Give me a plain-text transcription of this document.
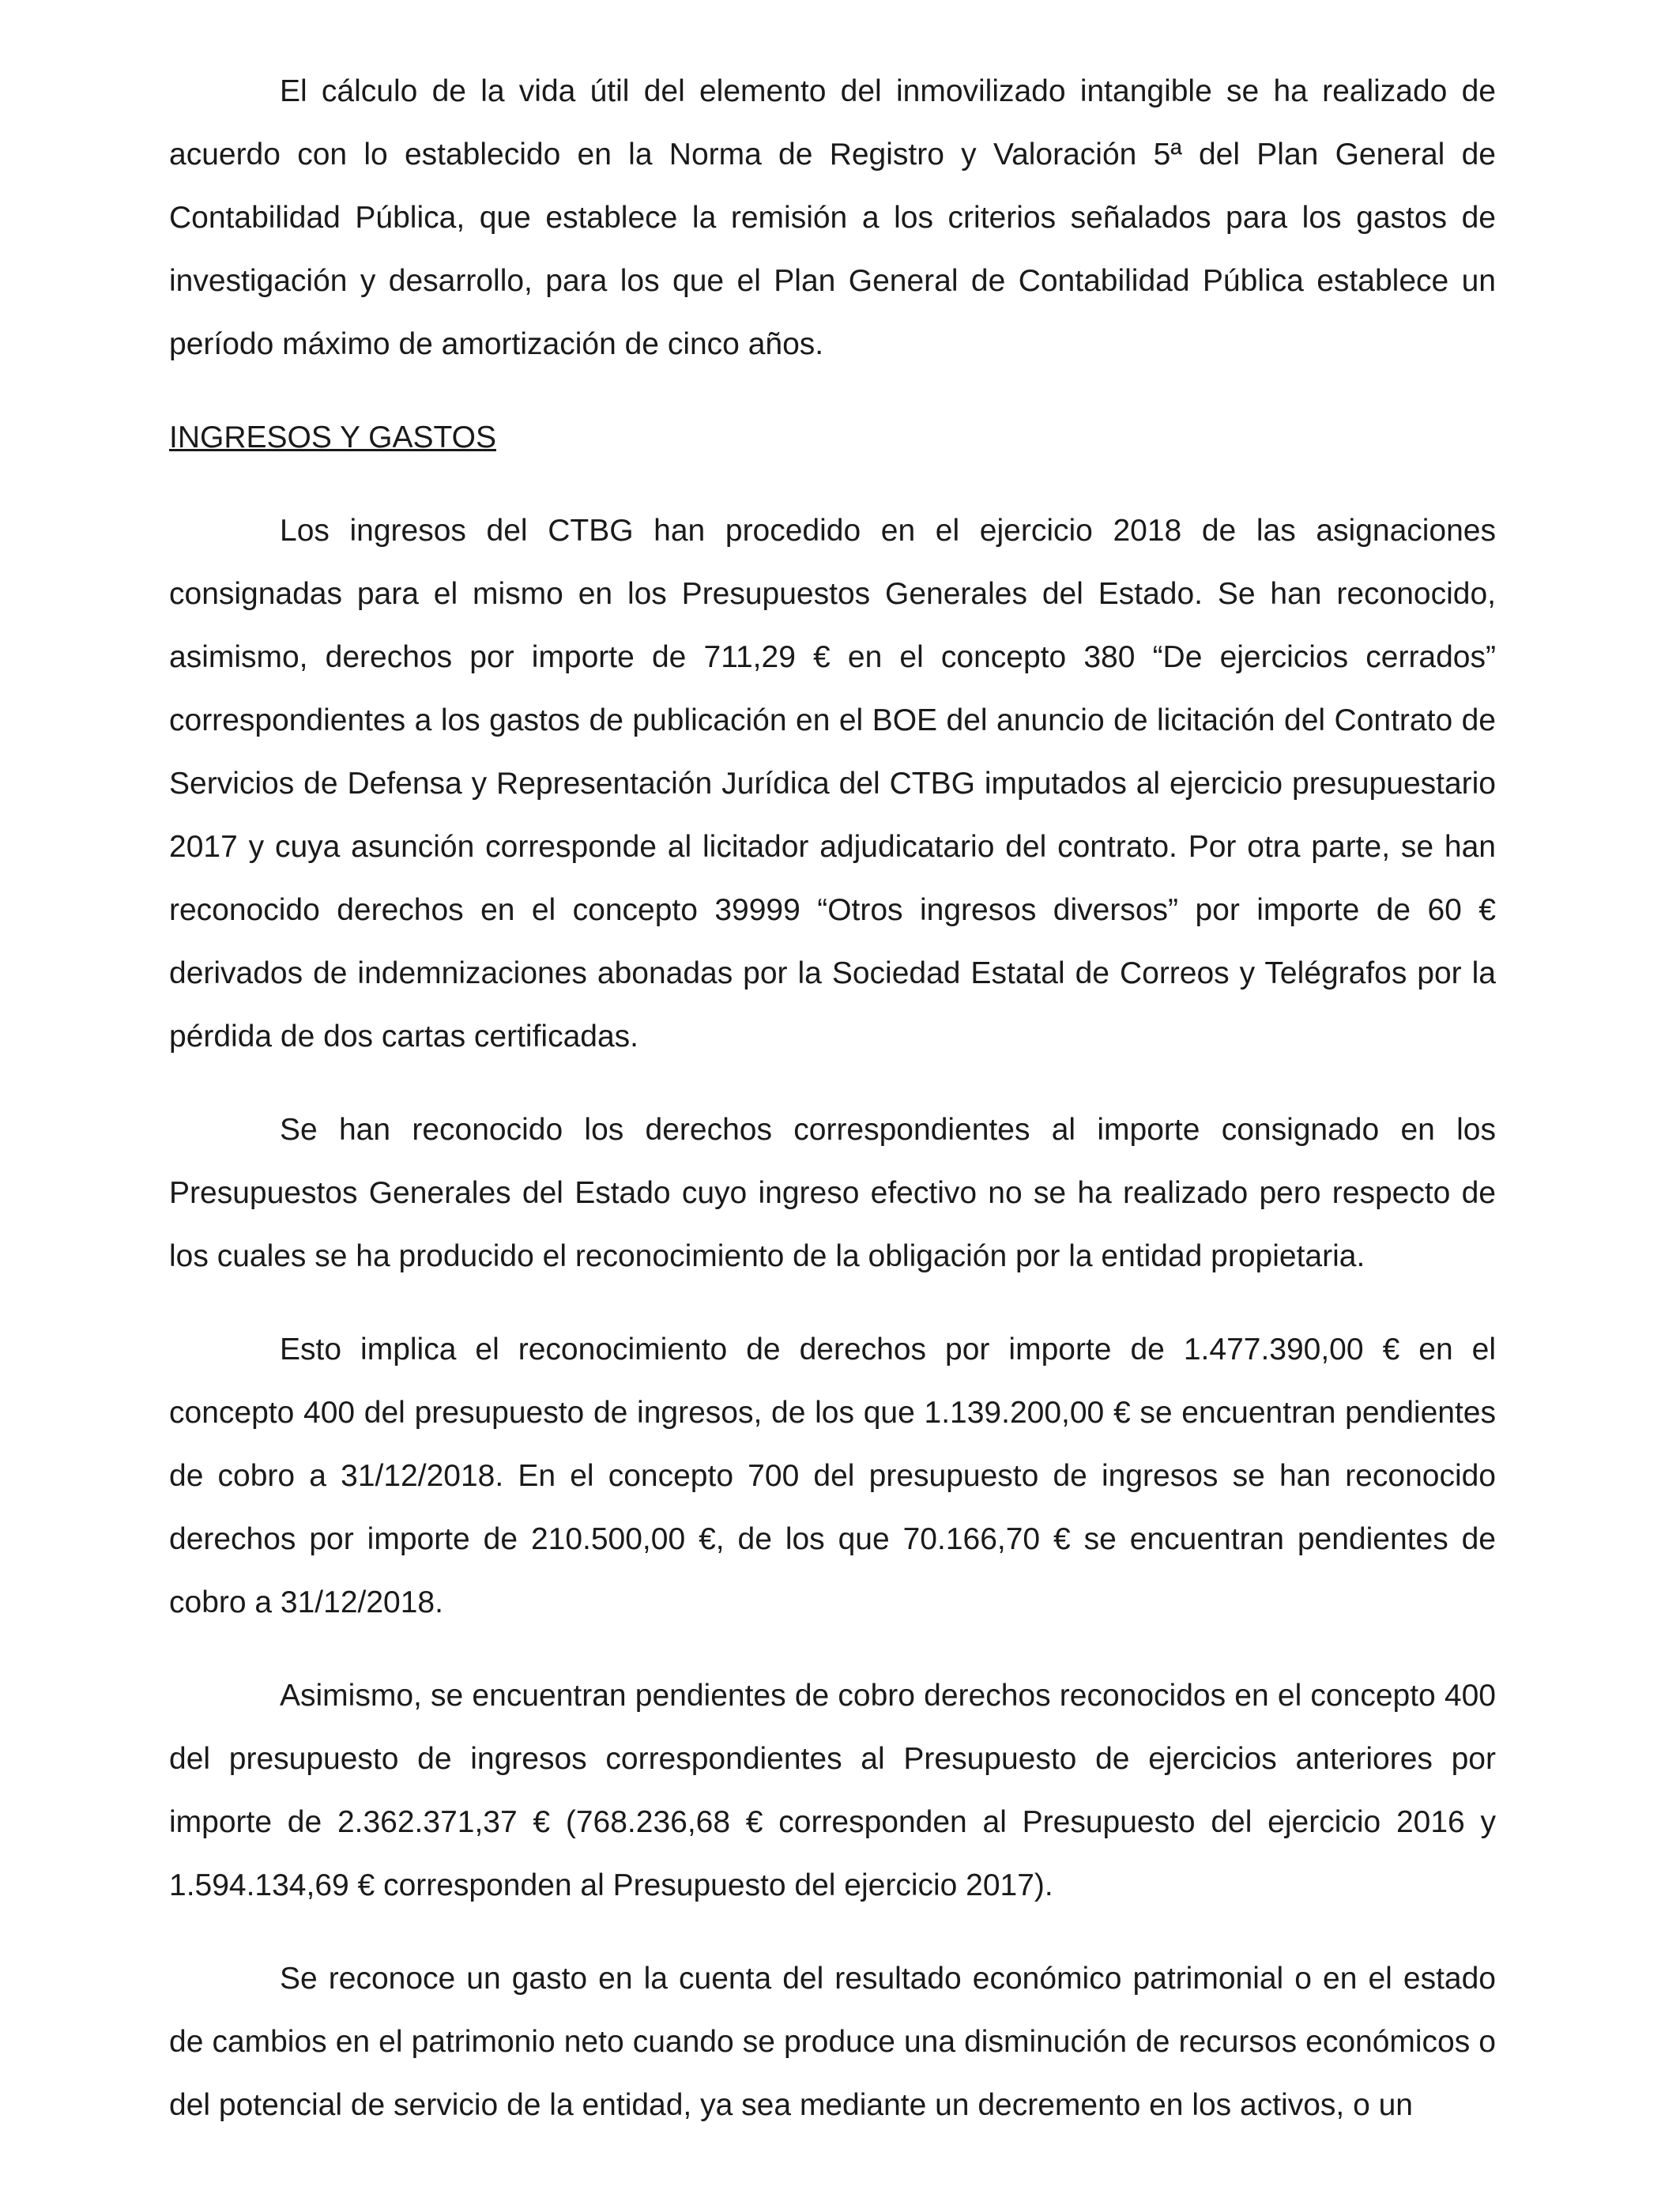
El cálculo de la vida útil del elemento del inmovilizado intangible se ha realizado de acuerdo con lo establecido en la Norma de Registro y Valoración 5ª del Plan General de Contabilidad Pública, que establece la remisión a los criterios señalados para los gastos de investigación y desarrollo, para los que el Plan General de Contabilidad Pública establece un período máximo de amortización de cinco años.

INGRESOS Y GASTOS

Los ingresos del CTBG han procedido en el ejercicio 2018 de las asignaciones consignadas para el mismo en los Presupuestos Generales del Estado. Se han reconocido, asimismo, derechos por importe de 711,29 € en el concepto 380 “De ejercicios cerrados” correspondientes a los gastos de publicación en el BOE del anuncio de licitación del Contrato de Servicios de Defensa y Representación Jurídica del CTBG imputados al ejercicio presupuestario 2017 y cuya asunción corresponde al licitador adjudicatario del contrato. Por otra parte, se han reconocido derechos en el concepto 39999 “Otros ingresos diversos” por importe de 60 € derivados de indemnizaciones abonadas por la Sociedad Estatal de Correos y Telégrafos por la pérdida de dos cartas certificadas.

Se han reconocido los derechos correspondientes al importe consignado en los Presupuestos Generales del Estado cuyo ingreso efectivo no se ha realizado pero respecto de los cuales se ha producido el reconocimiento de la obligación por la entidad propietaria.

Esto implica el reconocimiento de derechos por importe de 1.477.390,00 € en el concepto 400 del presupuesto de ingresos, de los que 1.139.200,00 € se encuentran pendientes de cobro a 31/12/2018. En el concepto 700 del presupuesto de ingresos se han reconocido derechos por importe de 210.500,00 €, de los que 70.166,70 € se encuentran pendientes de cobro a 31/12/2018.

Asimismo, se encuentran pendientes de cobro derechos reconocidos en el concepto 400 del presupuesto de ingresos correspondientes al Presupuesto de ejercicios anteriores por importe de 2.362.371,37 € (768.236,68 € corresponden al Presupuesto del ejercicio 2016 y 1.594.134,69 € corresponden al Presupuesto del ejercicio 2017).

Se reconoce un gasto en la cuenta del resultado económico patrimonial o en el estado de cambios en el patrimonio neto cuando se produce una disminución de recursos económicos o del potencial de servicio de la entidad, ya sea mediante un decremento en los activos, o un
